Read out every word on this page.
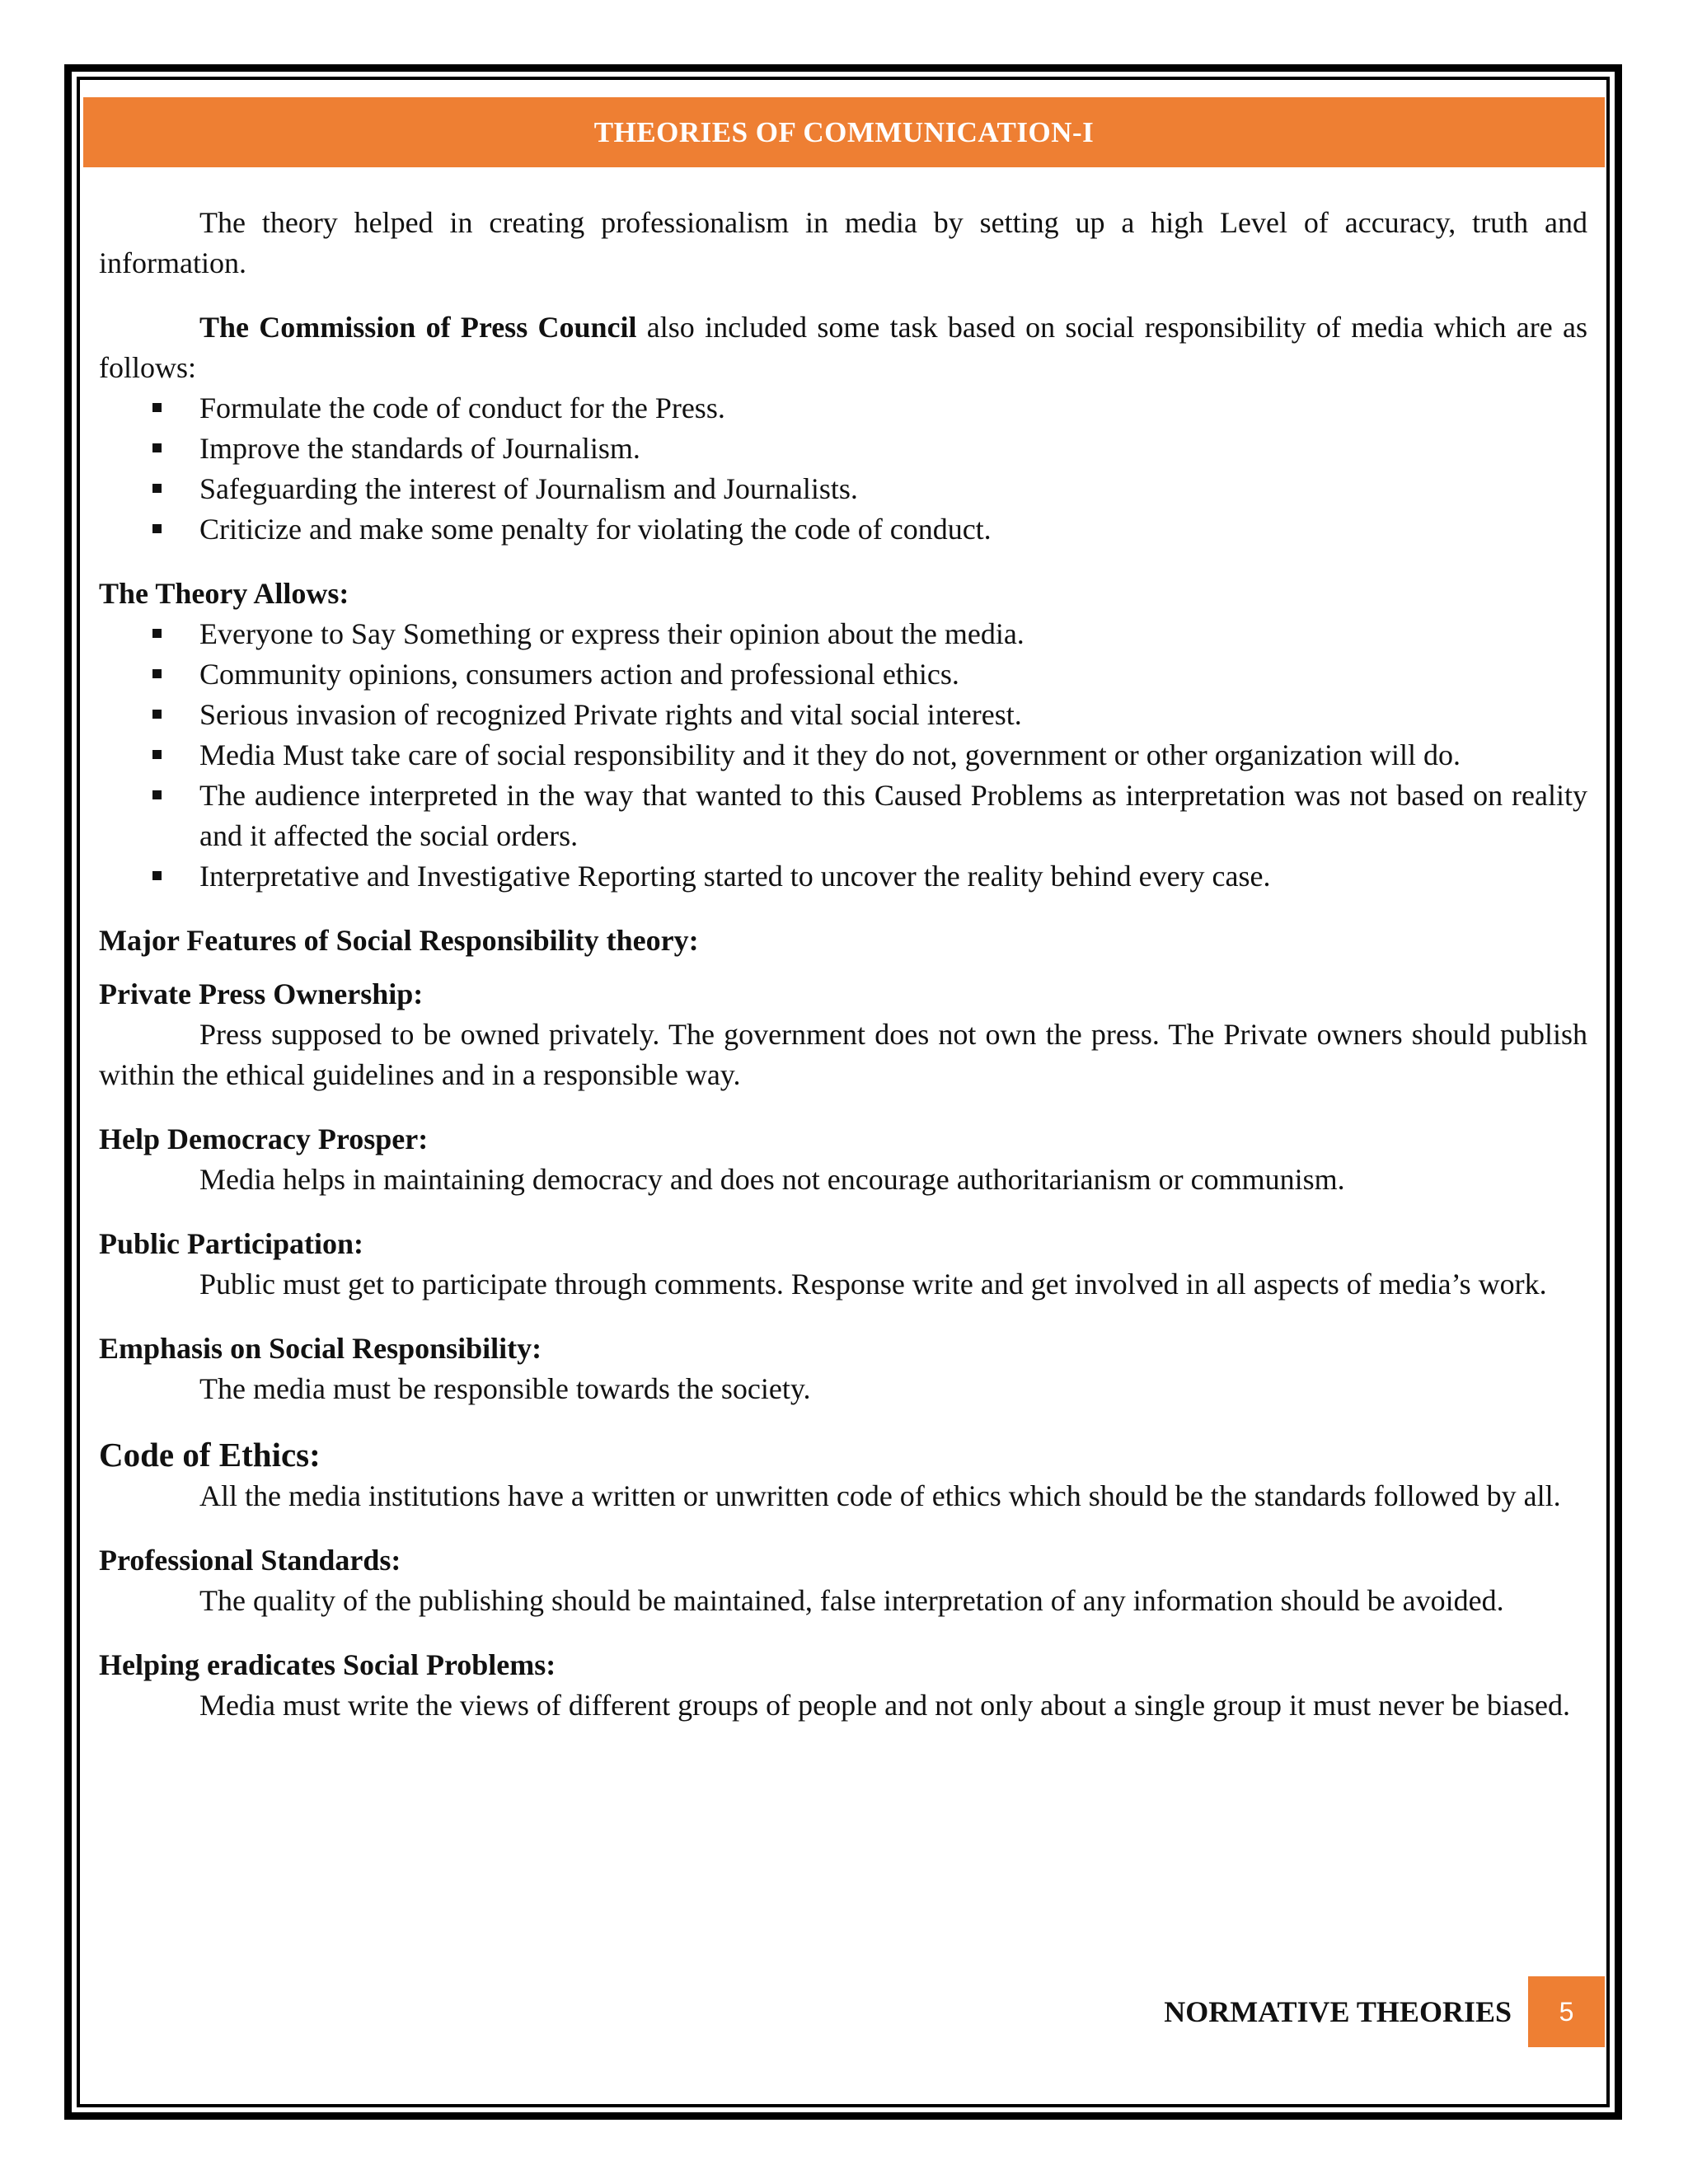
THEORIES OF COMMUNICATION-I

The theory helped in creating professionalism in media by setting up a high Level of accuracy, truth and information.

The Commission of Press Council also included some task based on social responsibility of media which are as follows:

Formulate the code of conduct for the Press.
Improve the standards of Journalism.
Safeguarding the interest of Journalism and Journalists.
Criticize and make some penalty for violating the code of conduct.

The Theory Allows:

Everyone to Say Something or express their opinion about the media.
Community opinions, consumers action and professional ethics.
Serious invasion of recognized Private rights and vital social interest.
Media Must take care of social responsibility and it they do not, government or other organization will do.
The audience interpreted in the way that wanted to this Caused Problems as interpretation was not based on reality and it affected the social orders.
Interpretative and Investigative Reporting started to uncover the reality behind every case.

Major Features of Social Responsibility theory:

Private Press Ownership:

Press supposed to be owned privately. The government does not own the press. The Private owners should publish within the ethical guidelines and in a responsible way.

Help Democracy Prosper:

Media helps in maintaining democracy and does not encourage authoritarianism or communism.

Public Participation:

Public must get to participate through comments. Response write and get involved in all aspects of media’s work.

Emphasis on Social Responsibility:

The media must be responsible towards the society.

Code of Ethics:

All the media institutions have a written or unwritten code of ethics which should be the standards followed by all.

Professional Standards:

The quality of the publishing should be maintained, false interpretation of any information should be avoided.

Helping eradicates Social Problems:

Media must write the views of different groups of people and not only about a single group it must never be biased.

NORMATIVE THEORIES	5
